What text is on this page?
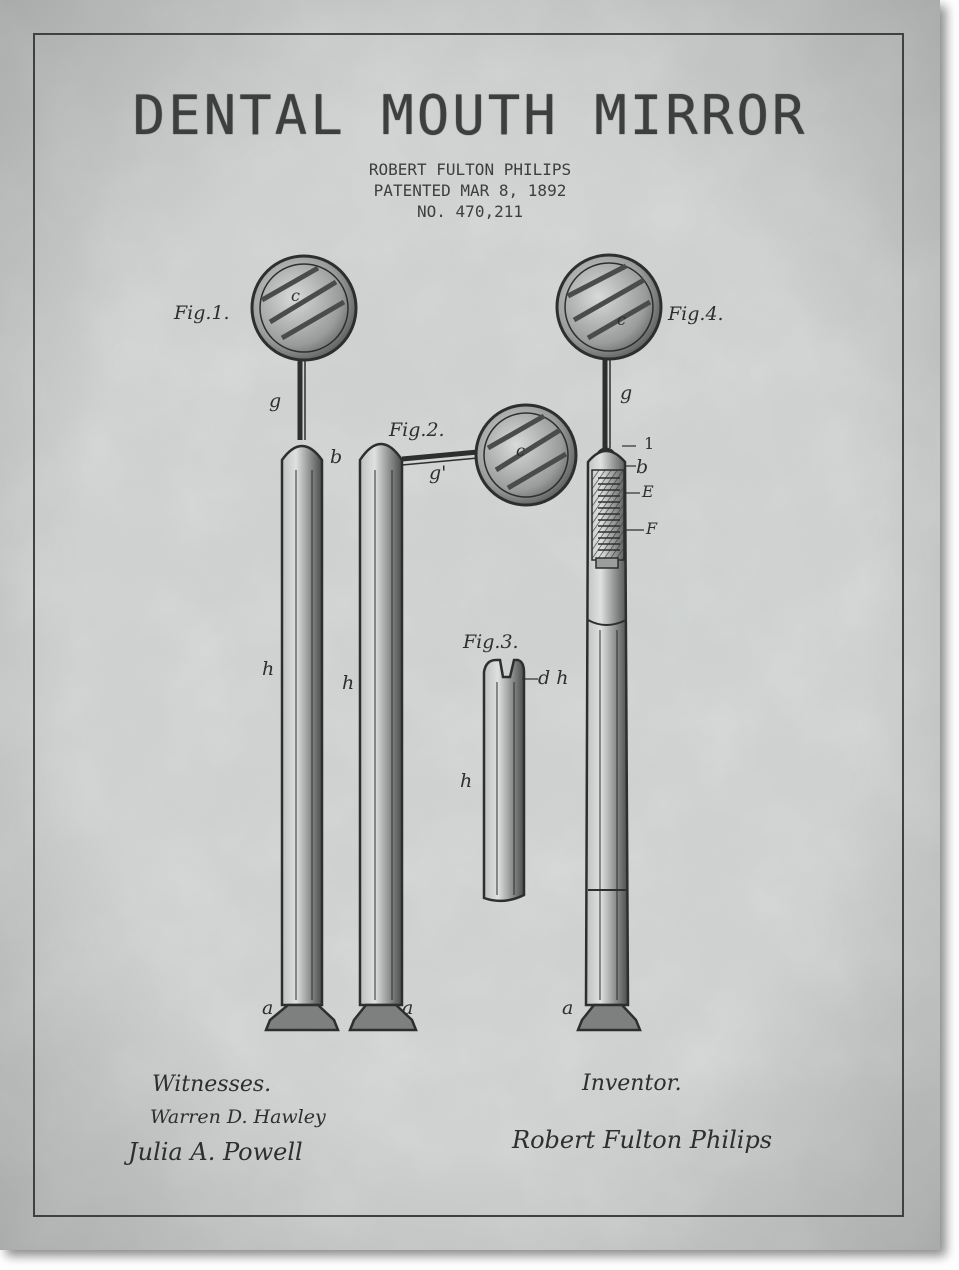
DENTAL MOUTH MIRROR
ROBERT FULTON PHILIPS
PATENTED MAR 8, 1892
NO. 470,211
Fig.1.
Fig.2.
Fig.3.
Fig.4.
c
c
c
g
g'
g
b	b
1
E
F
h
h
h
d h
a	a	a
Witnesses.
Warren D. Hawley
Julia A. Powell
Inventor.
Robert Fulton Philips
